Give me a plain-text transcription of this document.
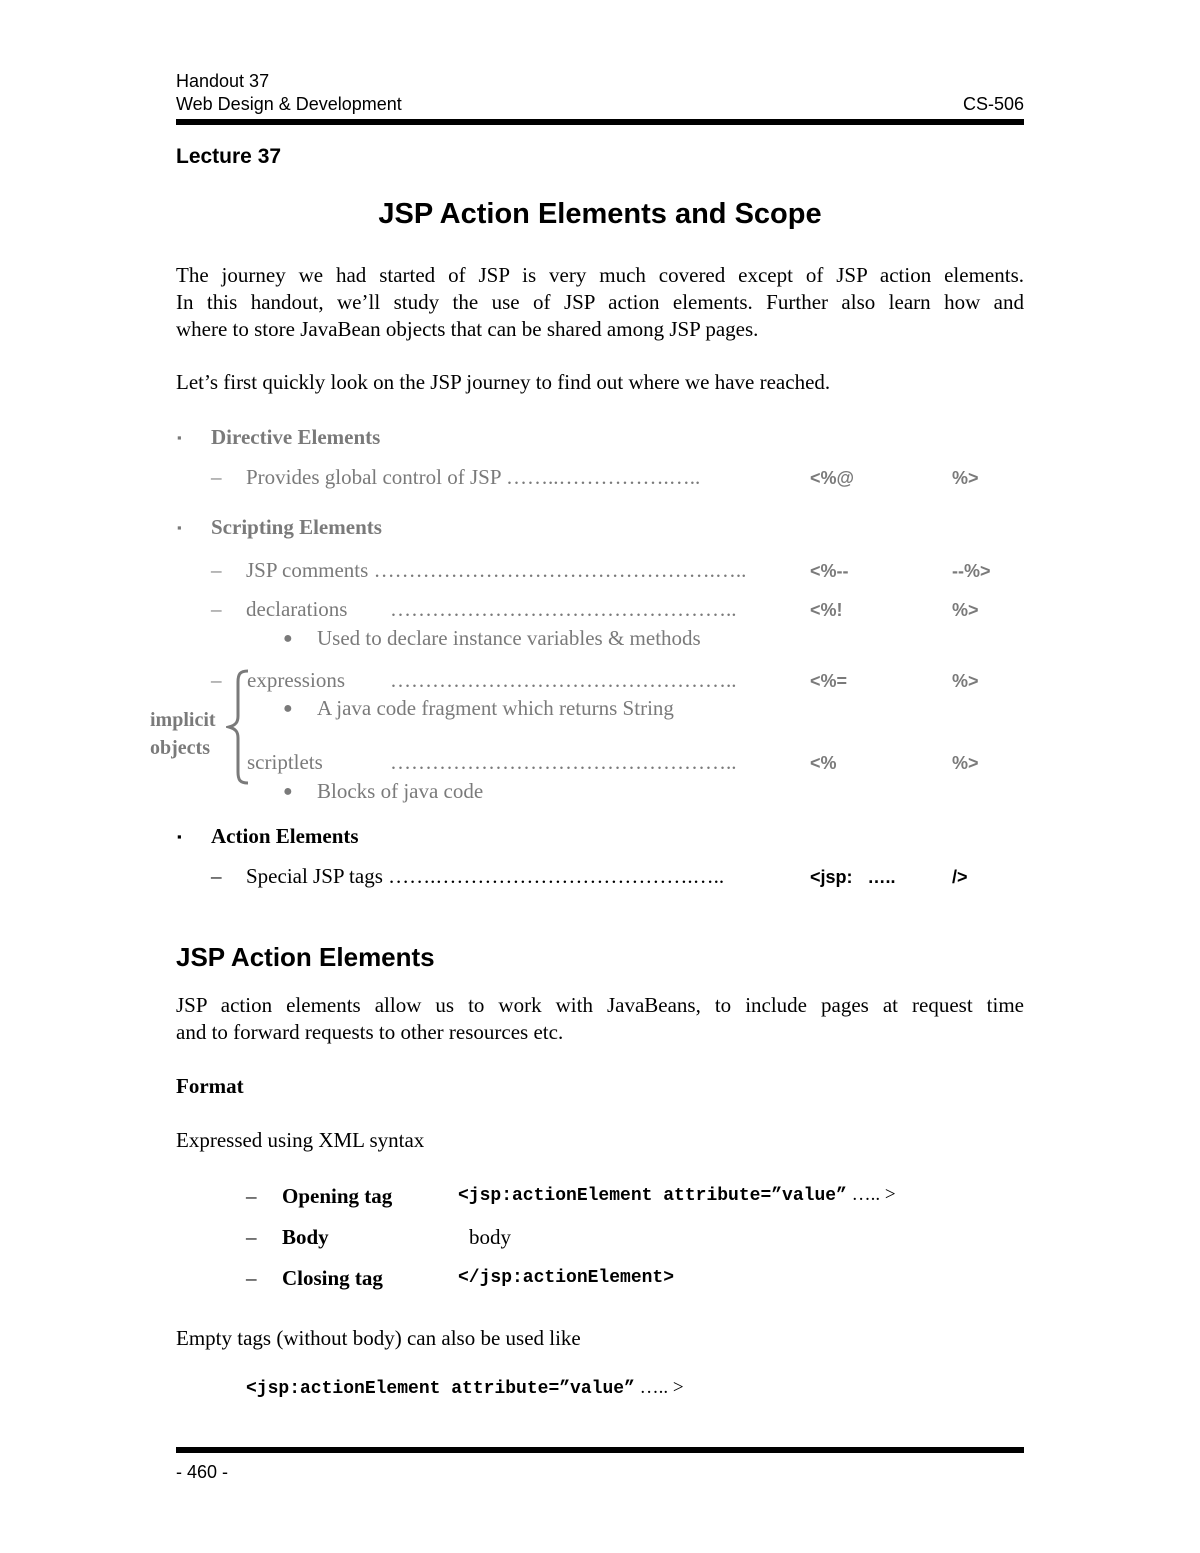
Handout 37
Web Design & Development	CS-506
Lecture 37
JSP Action Elements and Scope
The journey we had started of JSP is very much covered except of JSP action elements.
In this handout, we’ll study the use of JSP action elements. Further also learn how and
where to store JavaBean objects that can be shared among JSP pages.
Let’s first quickly look on the JSP journey to find out where we have reached.
▪ Directive Elements
– Provides global control of JSP ……..…………….…..	<%@	%>
▪ Scripting Elements
– JSP comments ………………………………………….…..	<%--	--%>
– declarations …………………………………………..	<%!	%>
● Used to declare instance variables & methods
implicit
objects
– expressions …………………………………………..	<%=	%>
● A java code fragment which returns String
scriptlets	…………………………………………..	<%	%>
● Blocks of java code
▪ Action Elements
– Special JSP tags …….……………………………….…..	<jsp:   …..	/>
JSP Action Elements
JSP action elements allow us to work with JavaBeans, to include pages at request time
and to forward requests to other resources etc.
Format
Expressed using XML syntax
– Opening tag	<jsp:actionElement attribute=”value” ….. >
– Body	body
– Closing tag	</jsp:actionElement>
Empty tags (without body) can also be used like
<jsp:actionElement attribute=”value” ….. >
- 460 -
